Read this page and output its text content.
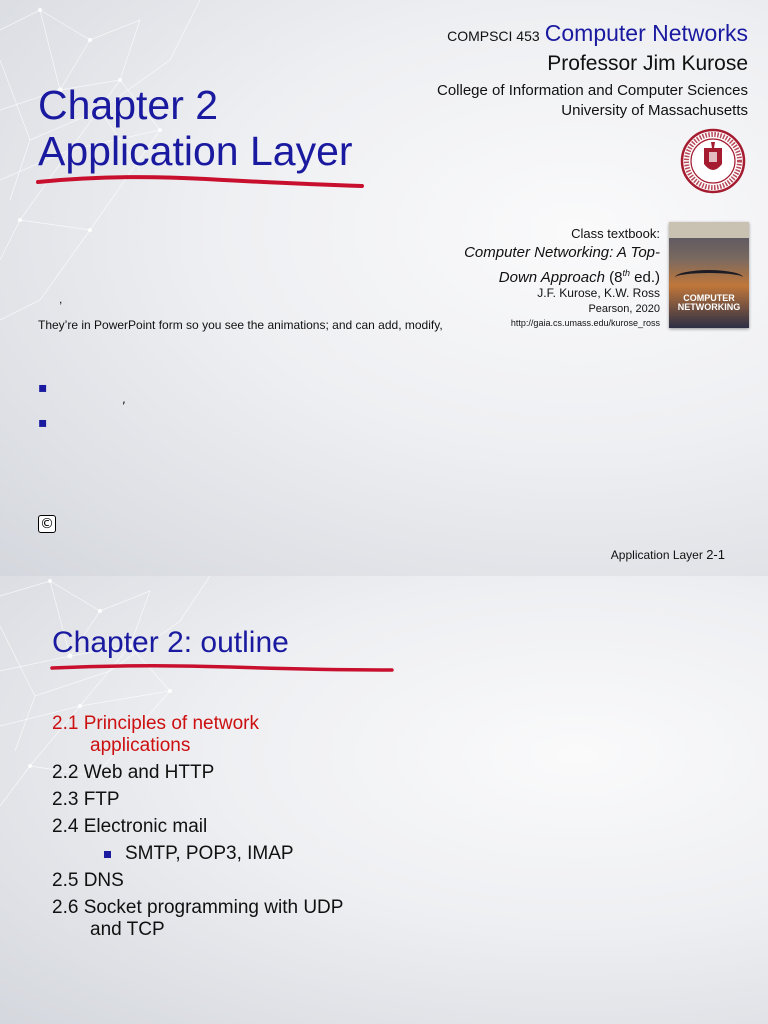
COMPSCI 453 Computer Networks
Professor Jim Kurose
College of Information and Computer Sciences
University of Massachusetts
Chapter 2
Application Layer
Class textbook:
Computer Networking: A Top-Down Approach (8th ed.)
J.F. Kurose, K.W. Ross
Pearson, 2020
http://gaia.cs.umass.edu/kurose_ross
COMPUTER NETWORKING
,
They’re in PowerPoint form so you see the animations; and can add, modify,
▪
,
▪
©
Application Layer 2-1
Chapter 2: outline
2.1 Principles of network
applications
2.2 Web and HTTP
2.3 FTP
2.4 Electronic mail
SMTP, POP3, IMAP
2.5 DNS
2.6 Socket programming with UDP
and TCP
